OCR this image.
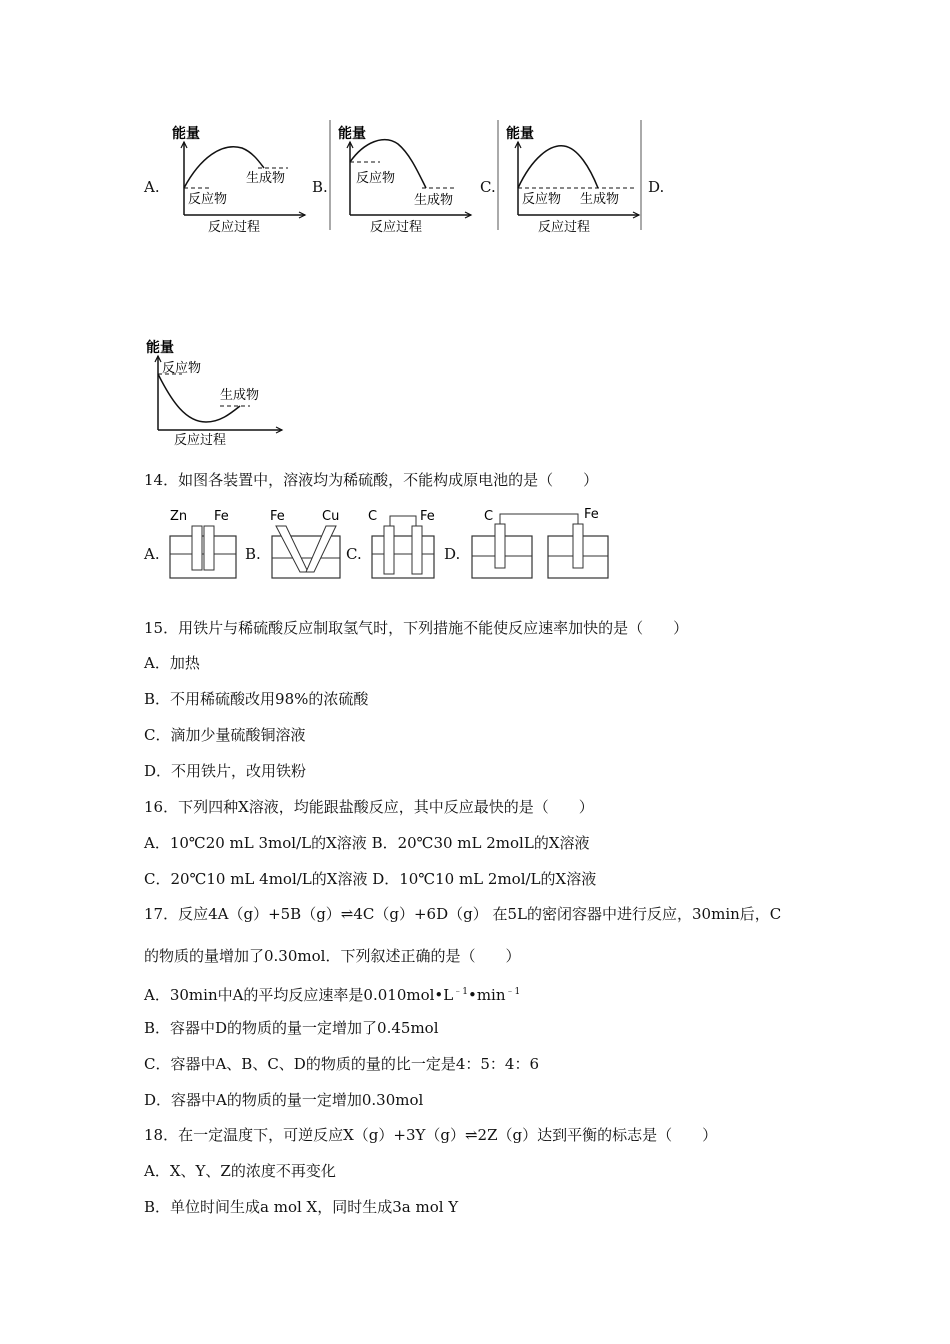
A.
能量
生成物
反应物
反应过程
B.
能量
反应物
生成物
反应过程
C.
能量
反应物 生成物
反应过程
D.
能量
反应物
生成物
反应过程
14．如图各装置中，溶液均为稀硫酸，不能构成原电池的是（　　）
A.
Zn Fe
B.
Fe	Cu
C.
C	Fe
D.
C	Fe
15．用铁片与稀硫酸反应制取氢气时，下列措施不能使反应速率加快的是（　　）
A．加热
B．不用稀硫酸改用98%的浓硫酸
C．滴加少量硫酸铜溶液
D．不用铁片，改用铁粉
16．下列四种X溶液，均能跟盐酸反应，其中反应最快的是（　　）
A．10℃20 mL 3mol/L的X溶液 B．20℃30 mL 2molL的X溶液
C．20℃10 mL 4mol/L的X溶液 D．10℃10 mL 2mol/L的X溶液
17．反应4A（g）+5B（g）⇌4C（g）+6D（g） 在5L的密闭容器中进行反应，30min后，C
的物质的量增加了0.30mol．下列叙述正确的是（　　）
A．30min中A的平均反应速率是$0.010mol•L^{﹣1}•\min^{﹣1}$
B．容器中D的物质的量一定增加了0.45mol
C．容器中A、B、C、D的物质的量的比一定是4：5：4：6
D．容器中A的物质的量一定增加0.30mol
18．在一定温度下，可逆反应X（g）+3Y（g）⇌2Z（g）达到平衡的标志是（　　）
A．X、Y、Z的浓度不再变化
B．单位时间生成a mol X，同时生成3a mol Y
